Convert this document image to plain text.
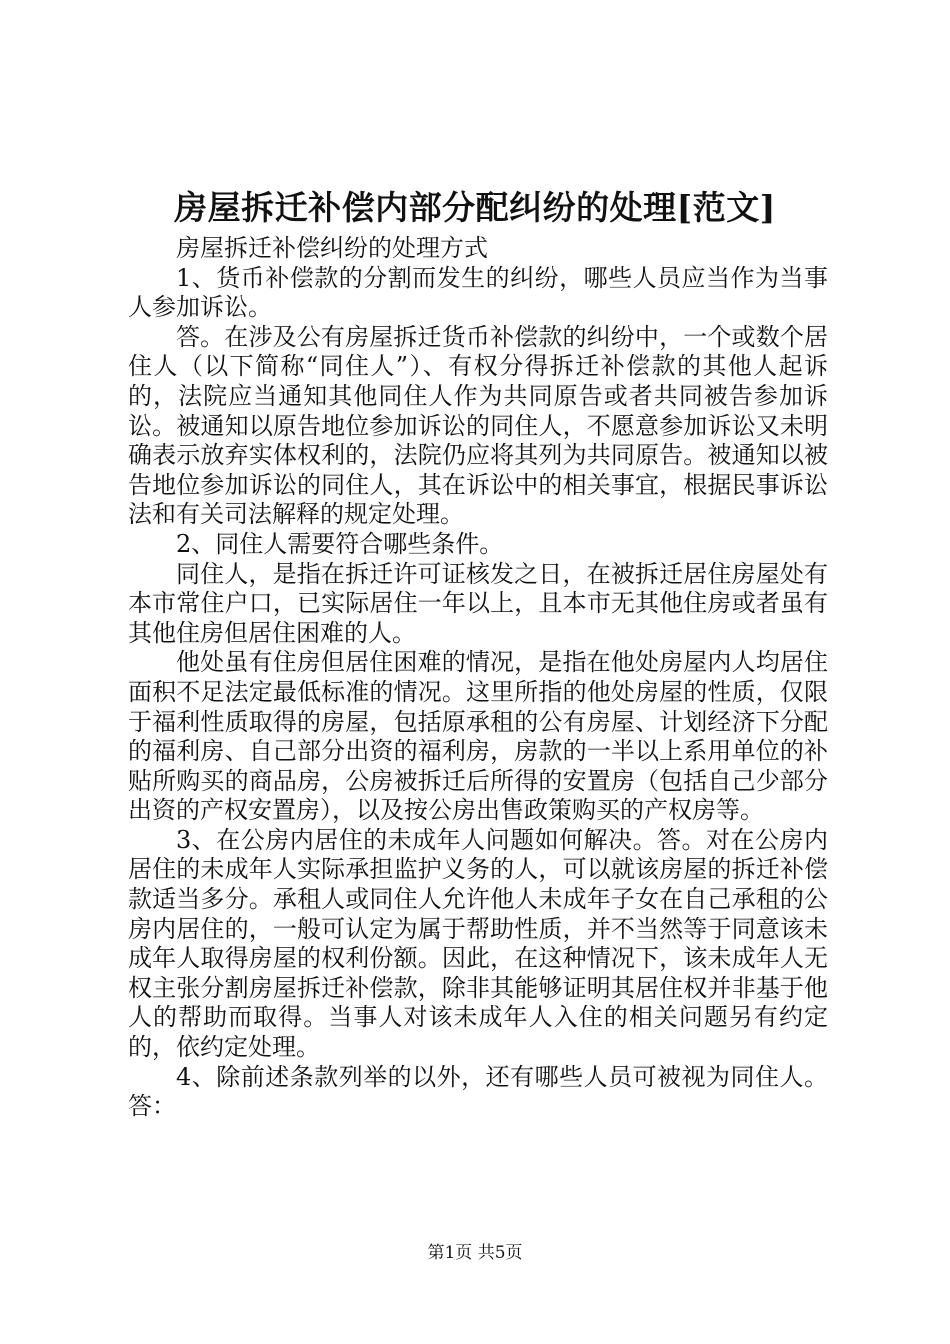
房屋拆迁补偿内部分配纠纷的处理[范文]

房屋拆迁补偿纠纷的处理方式

1、货币补偿款的分割而发生的纠纷，哪些人员应当作为当事人参加诉讼。

答。在涉及公有房屋拆迁货币补偿款的纠纷中，一个或数个居住人（以下简称“同住人”）、有权分得拆迁补偿款的其他人起诉的，法院应当通知其他同住人作为共同原告或者共同被告参加诉讼。被通知以原告地位参加诉讼的同住人，不愿意参加诉讼又未明确表示放弃实体权利的，法院仍应将其列为共同原告。被通知以被告地位参加诉讼的同住人，其在诉讼中的相关事宜，根据民事诉讼法和有关司法解释的规定处理。

2、同住人需要符合哪些条件。

同住人，是指在拆迁许可证核发之日，在被拆迁居住房屋处有本市常住户口，已实际居住一年以上，且本市无其他住房或者虽有其他住房但居住困难的人。

他处虽有住房但居住困难的情况，是指在他处房屋内人均居住面积不足法定最低标准的情况。这里所指的他处房屋的性质，仅限于福利性质取得的房屋，包括原承租的公有房屋、计划经济下分配的福利房、自己部分出资的福利房，房款的一半以上系用单位的补贴所购买的商品房，公房被拆迁后所得的安置房（包括自己少部分出资的产权安置房），以及按公房出售政策购买的产权房等。

3、在公房内居住的未成年人问题如何解决。答。对在公房内居住的未成年人实际承担监护义务的人，可以就该房屋的拆迁补偿款适当多分。承租人或同住人允许他人未成年子女在自己承租的公房内居住的，一般可认定为属于帮助性质，并不当然等于同意该未成年人取得房屋的权利份额。因此，在这种情况下，该未成年人无权主张分割房屋拆迁补偿款，除非其能够证明其居住权并非基于他人的帮助而取得。当事人对该未成年人入住的相关问题另有约定的，依约定处理。

4、除前述条款列举的以外，还有哪些人员可被视为同住人。答：

第1页 共5页
